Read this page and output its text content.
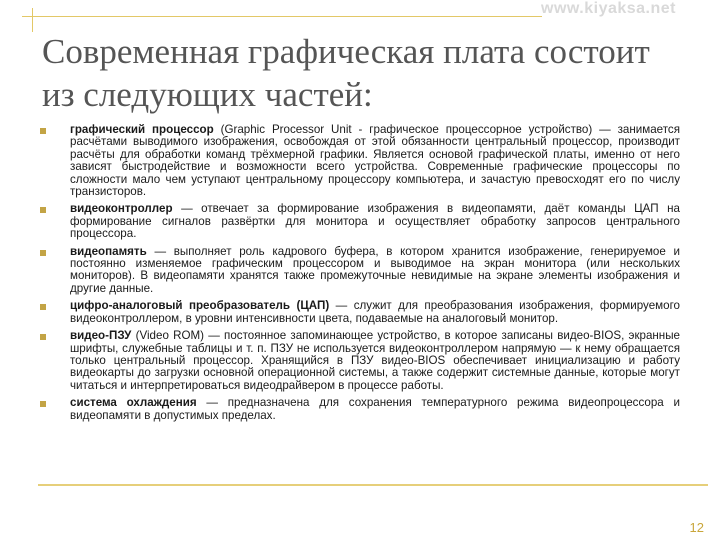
www.kiyaksa.net
Современная графическая плата состоит из следующих частей:
графический процессор (Graphic Processor Unit - графическое процессорное устройство) — занимается расчётами выводимого изображения, освобождая от этой обязанности центральный процессор, производит расчёты для обработки команд трёхмерной графики. Является основой графической платы, именно от него зависят быстродействие и возможности всего устройства. Современные графические процессоры по сложности мало чем уступают центральному процессору компьютера, и зачастую превосходят его по числу транзисторов.
видеоконтроллер — отвечает за формирование изображения в видеопамяти, даёт команды ЦАП на формирование сигналов развёртки для монитора и осуществляет обработку запросов центрального процессора.
видеопамять — выполняет роль кадрового буфера, в котором хранится изображение, генерируемое и постоянно изменяемое графическим процессором и выводимое на экран монитора (или нескольких мониторов). В видеопамяти хранятся также промежуточные невидимые на экране элементы изображения и другие данные.
цифро-аналоговый преобразователь (ЦАП) — служит для преобразования изображения, формируемого видеоконтроллером, в уровни интенсивности цвета, подаваемые на аналоговый монитор.
видео-ПЗУ (Video ROM) — постоянное запоминающее устройство, в которое записаны видео-BIOS, экранные шрифты, служебные таблицы и т. п. ПЗУ не используется видеоконтроллером напрямую — к нему обращается только центральный процессор. Хранящийся в ПЗУ видео-BIOS обеспечивает инициализацию и работу видеокарты до загрузки основной операционной системы, а также содержит системные данные, которые могут читаться и интерпретироваться видеодрайвером в процессе работы.
система охлаждения — предназначена для сохранения температурного режима видеопроцессора и видеопамяти в допустимых пределах.
12
